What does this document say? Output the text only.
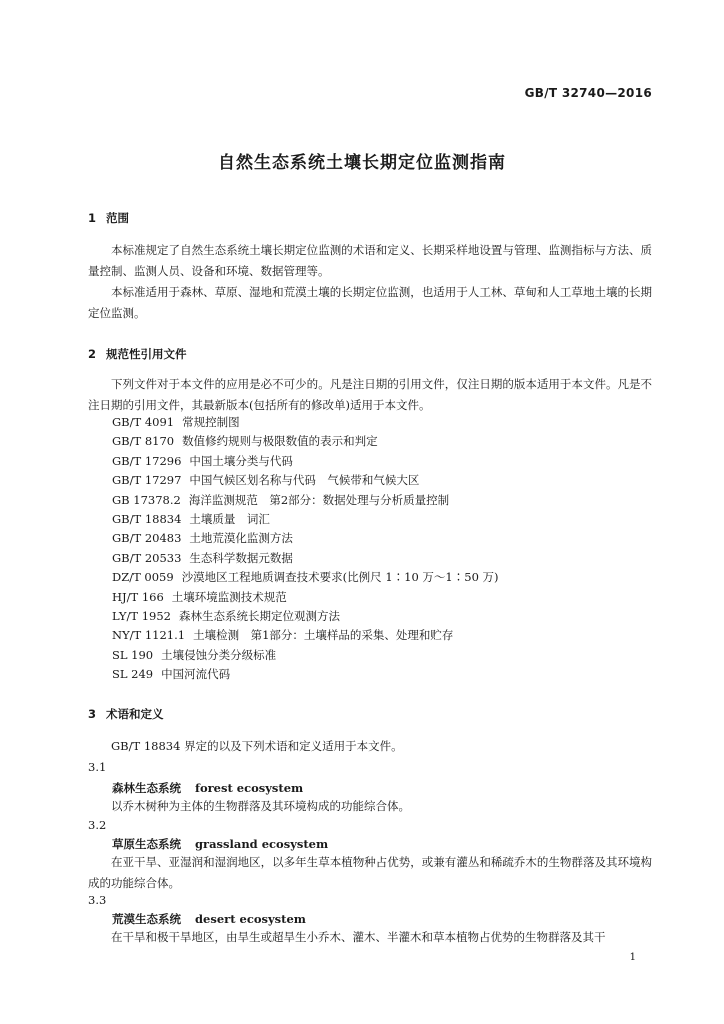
GB/T 32740—2016
自然生态系统土壤长期定位监测指南
1 范围
本标准规定了自然生态系统土壤长期定位监测的术语和定义、长期采样地设置与管理、监测指标与方法、质量控制、监测人员、设备和环境、数据管理等。
本标准适用于森林、草原、湿地和荒漠土壤的长期定位监测，也适用于人工林、草甸和人工草地土壤的长期定位监测。
2 规范性引用文件
下列文件对于本文件的应用是必不可少的。凡是注日期的引用文件，仅注日期的版本适用于本文件。凡是不注日期的引用文件，其最新版本(包括所有的修改单)适用于本文件。
GB/T 4091 常规控制图
GB/T 8170 数值修约规则与极限数值的表示和判定
GB/T 17296 中国土壤分类与代码
GB/T 17297 中国气候区划名称与代码　气候带和气候大区
GB 17378.2 海洋监测规范　第2部分：数据处理与分析质量控制
GB/T 18834 土壤质量　词汇
GB/T 20483 土地荒漠化监测方法
GB/T 20533 生态科学数据元数据
DZ/T 0059 沙漠地区工程地质调查技术要求(比例尺 1∶10 万～1∶50 万)
HJ/T 166 土壤环境监测技术规范
LY/T 1952 森林生态系统长期定位观测方法
NY/T 1121.1 土壤检测　第1部分：土壤样品的采集、处理和贮存
SL 190 土壤侵蚀分类分级标准
SL 249 中国河流代码
3 术语和定义
GB/T 18834 界定的以及下列术语和定义适用于本文件。
3.1
森林生态系统 forest ecosystem
以乔木树种为主体的生物群落及其环境构成的功能综合体。
3.2
草原生态系统 grassland ecosystem
在亚干旱、亚湿润和湿润地区，以多年生草本植物种占优势，或兼有灌丛和稀疏乔木的生物群落及其环境构成的功能综合体。
3.3
荒漠生态系统 desert ecosystem
在干旱和极干旱地区，由旱生或超旱生小乔木、灌木、半灌木和草本植物占优势的生物群落及其干
1
